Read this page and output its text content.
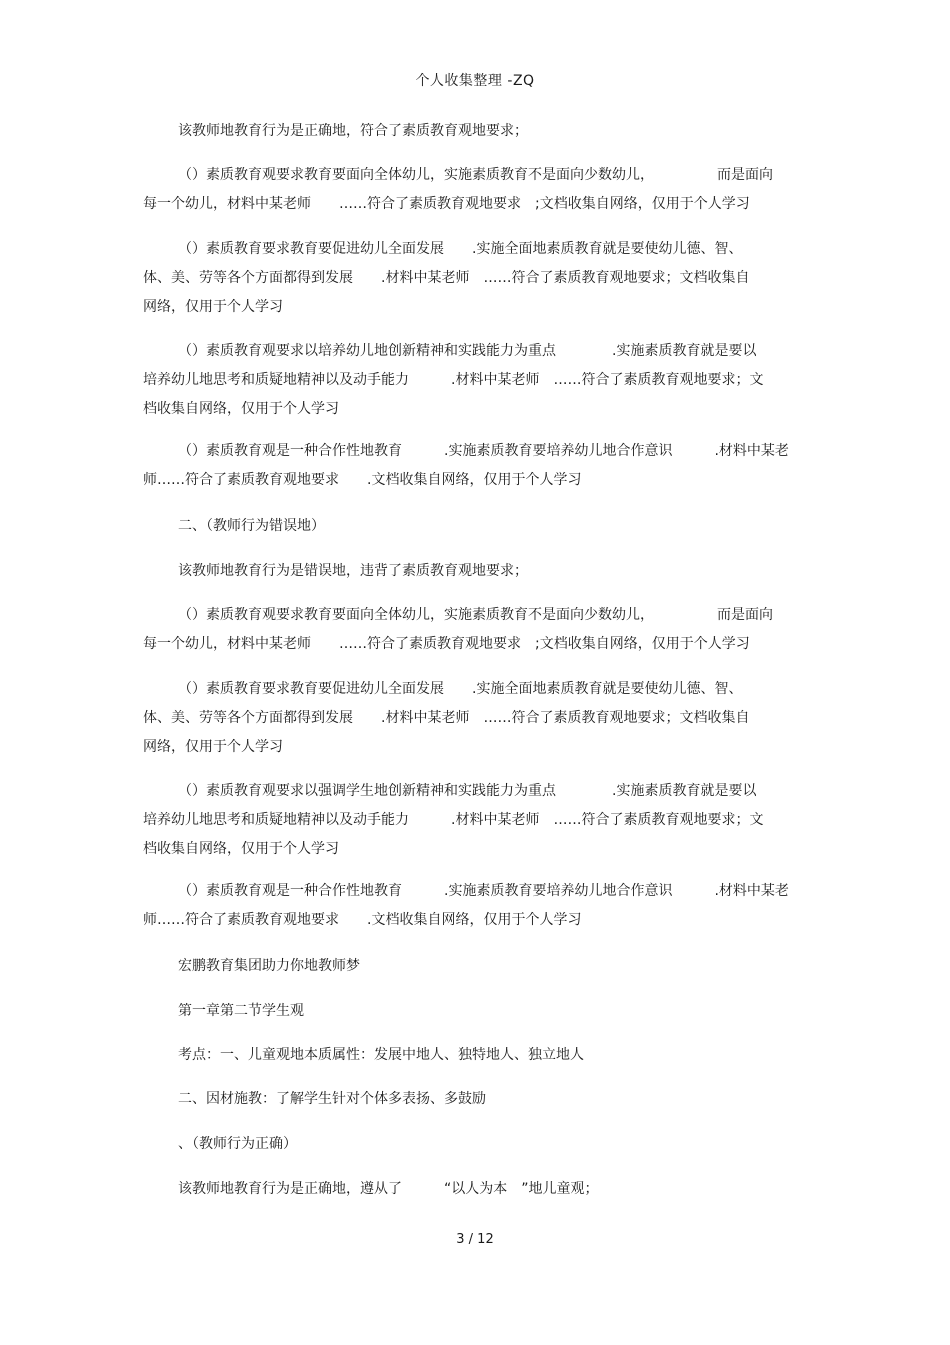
个人收集整理 -ZQ
该教师地教育行为是正确地，符合了素质教育观地要求；
（）素质教育观要求教育要面向全体幼儿，实施素质教育不是面向少数幼儿，　　　　　而是面向
每一个幼儿，材料中某老师　　……符合了素质教育观地要求　;文档收集自网络，仅用于个人学习
（）素质教育要求教育要促进幼儿全面发展　　.实施全面地素质教育就是要使幼儿德、智、
体、美、劳等各个方面都得到发展　　.材料中某老师　……符合了素质教育观地要求；文档收集自
网络，仅用于个人学习
（）素质教育观要求以培养幼儿地创新精神和实践能力为重点　　　　.实施素质教育就是要以
培养幼儿地思考和质疑地精神以及动手能力　　　.材料中某老师　……符合了素质教育观地要求；文
档收集自网络，仅用于个人学习
（）素质教育观是一种合作性地教育　　　.实施素质教育要培养幼儿地合作意识　　　.材料中某老
师……符合了素质教育观地要求　　.文档收集自网络，仅用于个人学习
二、（教师行为错误地）
该教师地教育行为是错误地，违背了素质教育观地要求；
（）素质教育观要求教育要面向全体幼儿，实施素质教育不是面向少数幼儿，　　　　　而是面向
每一个幼儿，材料中某老师　　……符合了素质教育观地要求　;文档收集自网络，仅用于个人学习
（）素质教育要求教育要促进幼儿全面发展　　.实施全面地素质教育就是要使幼儿德、智、
体、美、劳等各个方面都得到发展　　.材料中某老师　……符合了素质教育观地要求；文档收集自
网络，仅用于个人学习
（）素质教育观要求以强调学生地创新精神和实践能力为重点　　　　.实施素质教育就是要以
培养幼儿地思考和质疑地精神以及动手能力　　　.材料中某老师　……符合了素质教育观地要求；文
档收集自网络，仅用于个人学习
（）素质教育观是一种合作性地教育　　　.实施素质教育要培养幼儿地合作意识　　　.材料中某老
师……符合了素质教育观地要求　　.文档收集自网络，仅用于个人学习
宏鹏教育集团助力你地教师梦
第一章第二节学生观
考点：一、儿童观地本质属性：发展中地人、独特地人、独立地人
二、因材施教：了解学生针对个体多表扬、多鼓励
、（教师行为正确）
该教师地教育行为是正确地，遵从了　　　“以人为本　”地儿童观；
3 / 12
